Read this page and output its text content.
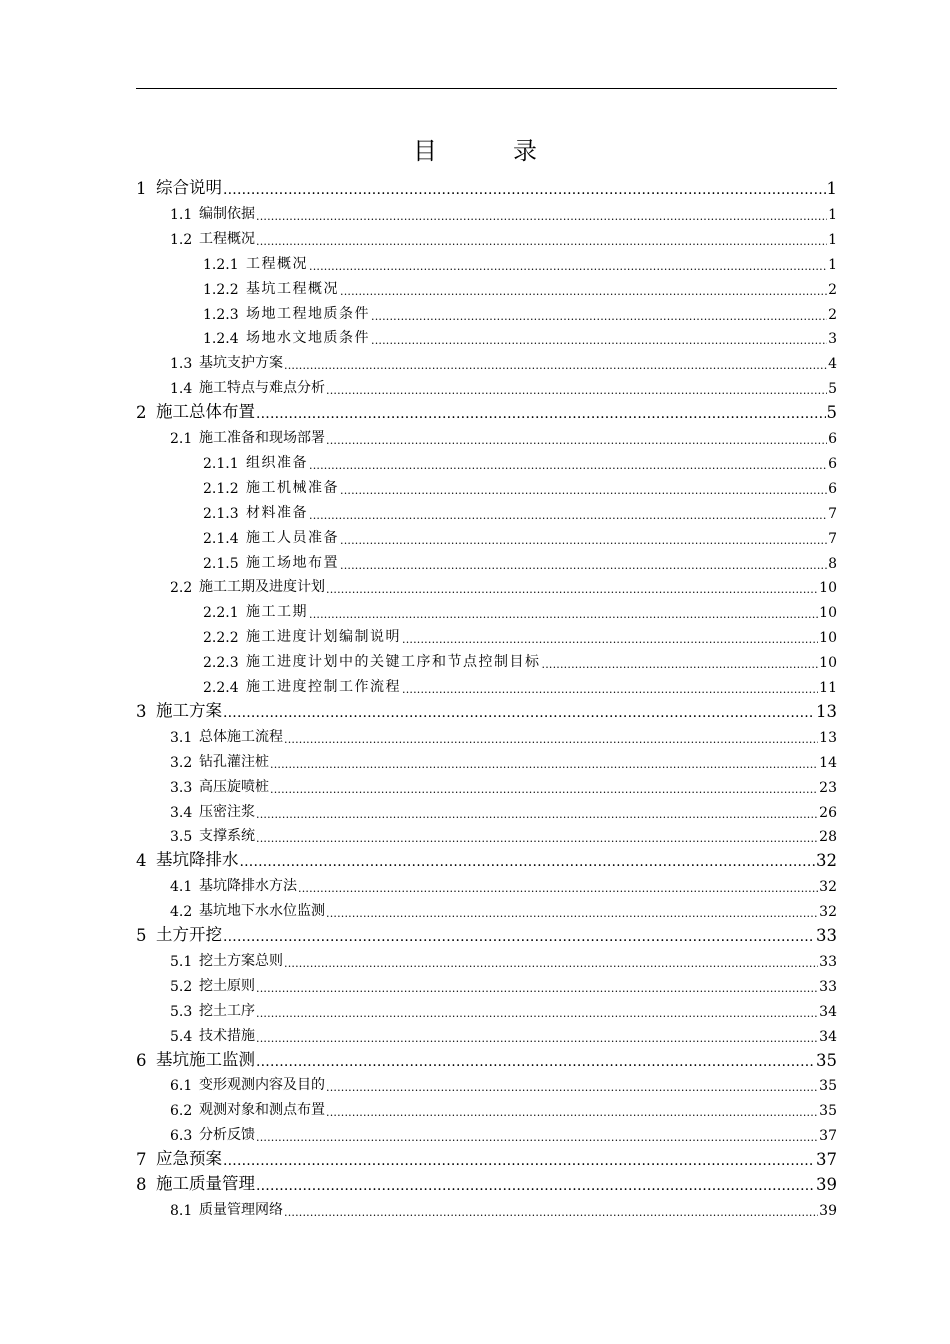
目　录
1 综合说明 .....	1
1.1 编制依据 .....	1
1.2 工程概况 .....	1
1.2.1 工程概况 .....	1
1.2.2 基坑工程概况 .....	2
1.2.3 场地工程地质条件 .....	2
1.2.4 场地水文地质条件 .....	3
1.3 基坑支护方案 .....	4
1.4 施工特点与难点分析 .....	5
2 施工总体布置 .....	5
2.1 施工准备和现场部署 .....	6
2.1.1 组织准备 .....	6
2.1.2 施工机械准备 .....	6
2.1.3 材料准备 .....	7
2.1.4 施工人员准备 .....	7
2.1.5 施工场地布置 .....	8
2.2 施工工期及进度计划 .....	10
2.2.1 施工工期 .....	10
2.2.2 施工进度计划编制说明 .....	10
2.2.3 施工进度计划中的关键工序和节点控制目标 .....	10
2.2.4 施工进度控制工作流程 .....	11
3 施工方案 .....	13
3.1 总体施工流程 .....	13
3.2 钻孔灌注桩 .....	14
3.3 高压旋喷桩 .....	23
3.4 压密注浆 .....	26
3.5 支撑系统 .....	28
4 基坑降排水 .....	32
4.1 基坑降排水方法 .....	32
4.2 基坑地下水水位监测 .....	32
5 土方开挖 .....	33
5.1 挖土方案总则 .....	33
5.2 挖土原则 .....	33
5.3 挖土工序 .....	34
5.4 技术措施 .....	34
6 基坑施工监测 .....	35
6.1 变形观测内容及目的 .....	35
6.2 观测对象和测点布置 .....	35
6.3 分析反馈 .....	37
7 应急预案 .....	37
8 施工质量管理 .....	39
8.1 质量管理网络 .....	39
